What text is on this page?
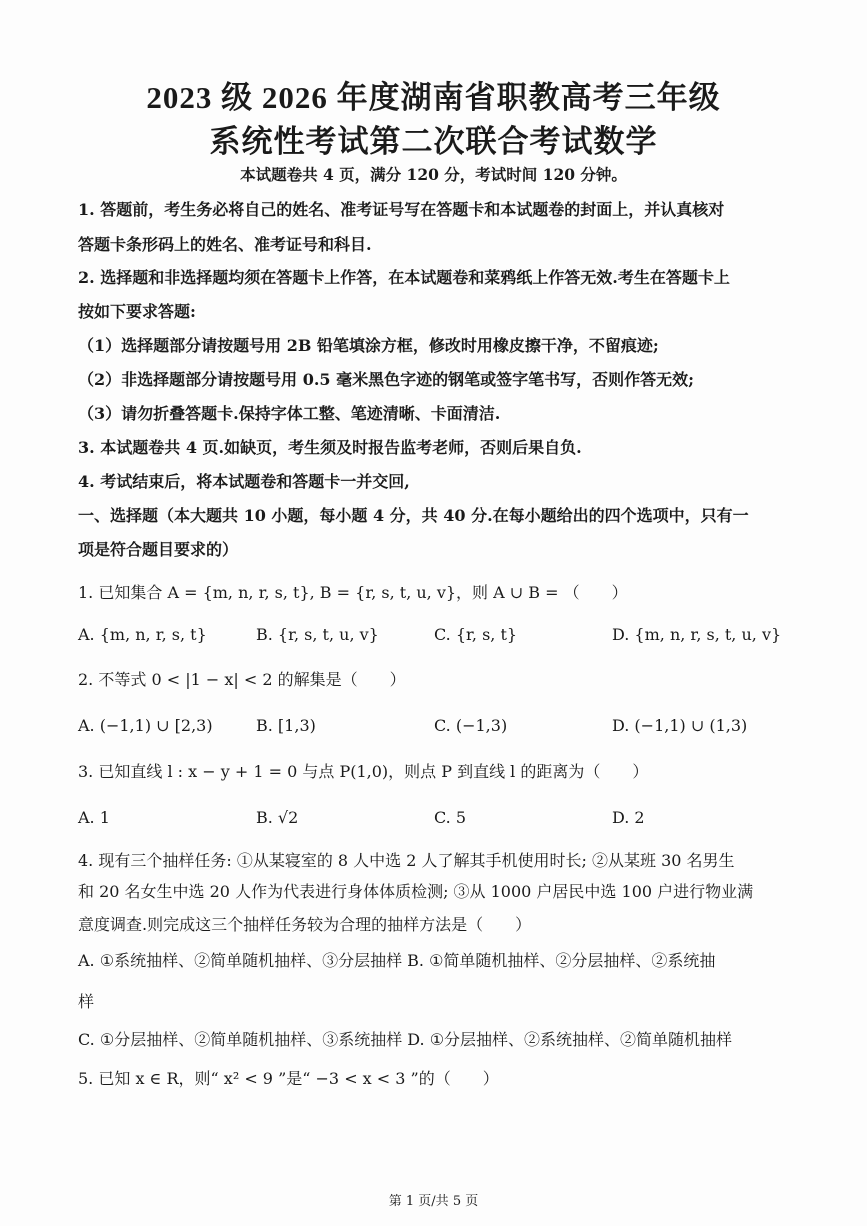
2023 级 2026 年度湖南省职教高考三年级
系统性考试第二次联合考试数学
本试题卷共 4 页，满分 120 分，考试时间 120 分钟。
1. 答题前，考生务必将自己的姓名、准考证号写在答题卡和本试题卷的封面上，并认真核对
答题卡条形码上的姓名、准考证号和科目.
2. 选择题和非选择题均须在答题卡上作答，在本试题卷和菜鸦纸上作答无效.考生在答题卡上
按如下要求答题:
（1）选择题部分请按题号用 2B 铅笔填涂方框，修改时用橡皮擦干净，不留痕迹;
（2）非选择题部分请按题号用 0.5 毫米黑色字迹的钢笔或签字笔书写，否则作答无效;
（3）请勿折叠答题卡.保持字体工整、笔迹清晰、卡面清洁.
3. 本试题卷共 4 页.如缺页，考生须及时报告监考老师，否则后果自负.
4. 考试结束后，将本试题卷和答题卡一并交回,
一、选择题（本大题共 10 小题，每小题 4 分，共 40 分.在每小题给出的四个选项中，只有一
项是符合题目要求的）
1. 已知集合 A = {m, n, r, s, t}, B = {r, s, t, u, v}，则 A ∪ B = （　　）
A. {m, n, r, s, t}	B. {r, s, t, u, v}	C. {r, s, t}	D. {m, n, r, s, t, u, v}
2. 不等式 0 < |1 − x| < 2 的解集是（　　）
A. (−1,1) ∪ [2,3)	B. [1,3)	C. (−1,3)	D. (−1,1) ∪ (1,3)
3. 已知直线 l : x − y + 1 = 0 与点 P(1,0)，则点 P 到直线 l 的距离为（　　）
A. 1	B. √2	C. 5	D. 2
4. 现有三个抽样任务: ①从某寝室的 8 人中选 2 人了解其手机使用时长; ②从某班 30 名男生
和 20 名女生中选 20 人作为代表进行身体体质检测; ③从 1000 户居民中选 100 户进行物业满
意度调查.则完成这三个抽样任务较为合理的抽样方法是（　　）
A. ①系统抽样、②简单随机抽样、③分层抽样 B. ①简单随机抽样、②分层抽样、②系统抽
样
C. ①分层抽样、②简单随机抽样、③系统抽样 D. ①分层抽样、②系统抽样、②简单随机抽样
5. 已知 x ∈ R，则“ x² < 9 ”是“ −3 < x < 3 ”的（　　）
第 1 页/共 5 页
